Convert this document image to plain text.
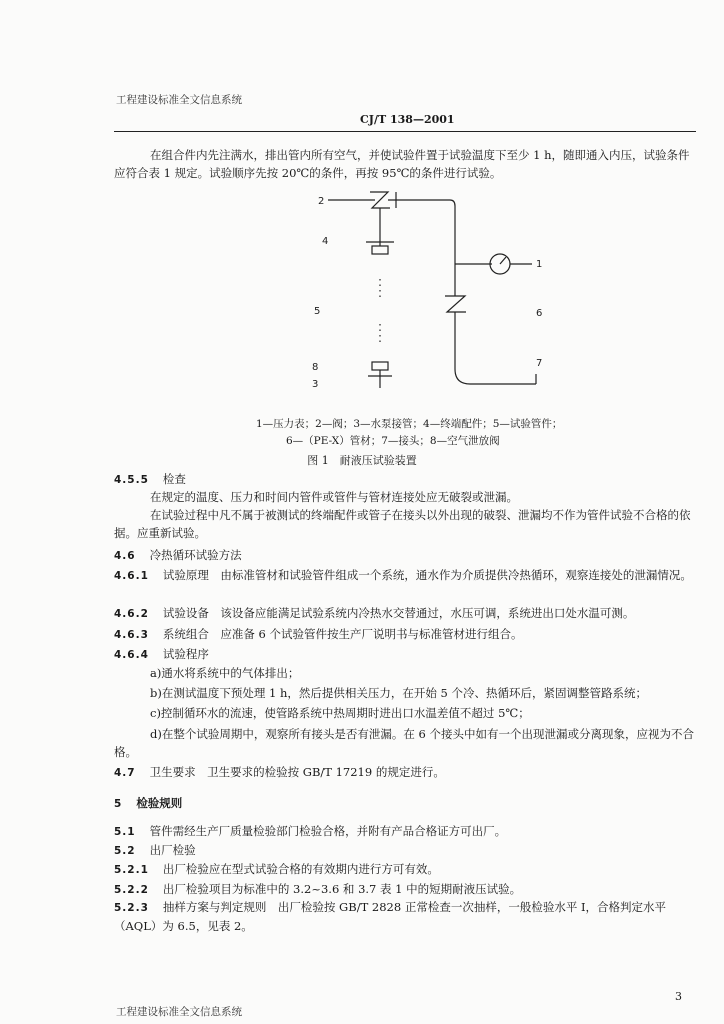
工程建设标准全文信息系统
CJ/T 138—2001
在组合件内先注满水，排出管内所有空气，并使试验件置于试验温度下至少 1 h，随即通入内压，试验条件应符合表 1 规定。试验顺序先按 20℃的条件，再按 95℃的条件进行试验。
2
4
5
8
3
1
6
7
1—压力表；2—阀；3—水泵接管；4—终端配件；5—试验管件；
6—（PE-X）管材；7—接头；8—空气泄放阀
图 1　耐液压试验装置
4.5.5 检查
在规定的温度、压力和时间内管件或管件与管材连接处应无破裂或泄漏。
在试验过程中凡不属于被测试的终端配件或管子在接头以外出现的破裂、泄漏均不作为管件试验不合格的依据。应重新试验。
4.6 冷热循环试验方法
4.6.1 试验原理　 由标准管材和试验管件组成一个系统，通水作为介质提供冷热循环，观察连接处的泄漏情况。
4.6.2 试验设备　 该设备应能满足试验系统内冷热水交替通过，水压可调，系统进出口处水温可测。
4.6.3 系统组合　 应准备 6 个试验管件按生产厂说明书与标准管材进行组合。
4.6.4 试验程序
a)通水将系统中的气体排出；
b)在测试温度下预处理 1 h，然后提供相关压力，在开始 5 个冷、热循环后，紧固调整管路系统；
c)控制循环水的流速，使管路系统中热周期时进出口水温差值不超过 5℃；
d)在整个试验周期中，观察所有接头是否有泄漏。在 6 个接头中如有一个出现泄漏或分离现象，应视为不合格。
4.7 卫生要求　 卫生要求的检验按 GB/T 17219 的规定进行。
5 检验规则
5.1 管件需经生产厂质量检验部门检验合格，并附有产品合格证方可出厂。
5.2 出厂检验
5.2.1 出厂检验应在型式试验合格的有效期内进行方可有效。
5.2.2 出厂检验项目为标准中的 3.2~3.6 和 3.7 表 1 中的短期耐液压试验。
5.2.3 抽样方案与判定规则　 出厂检验按 GB/T 2828 正常检查一次抽样，一般检验水平 Ⅰ，合格判定水平（AQL）为 6.5，见表 2。
3
工程建设标准全文信息系统
